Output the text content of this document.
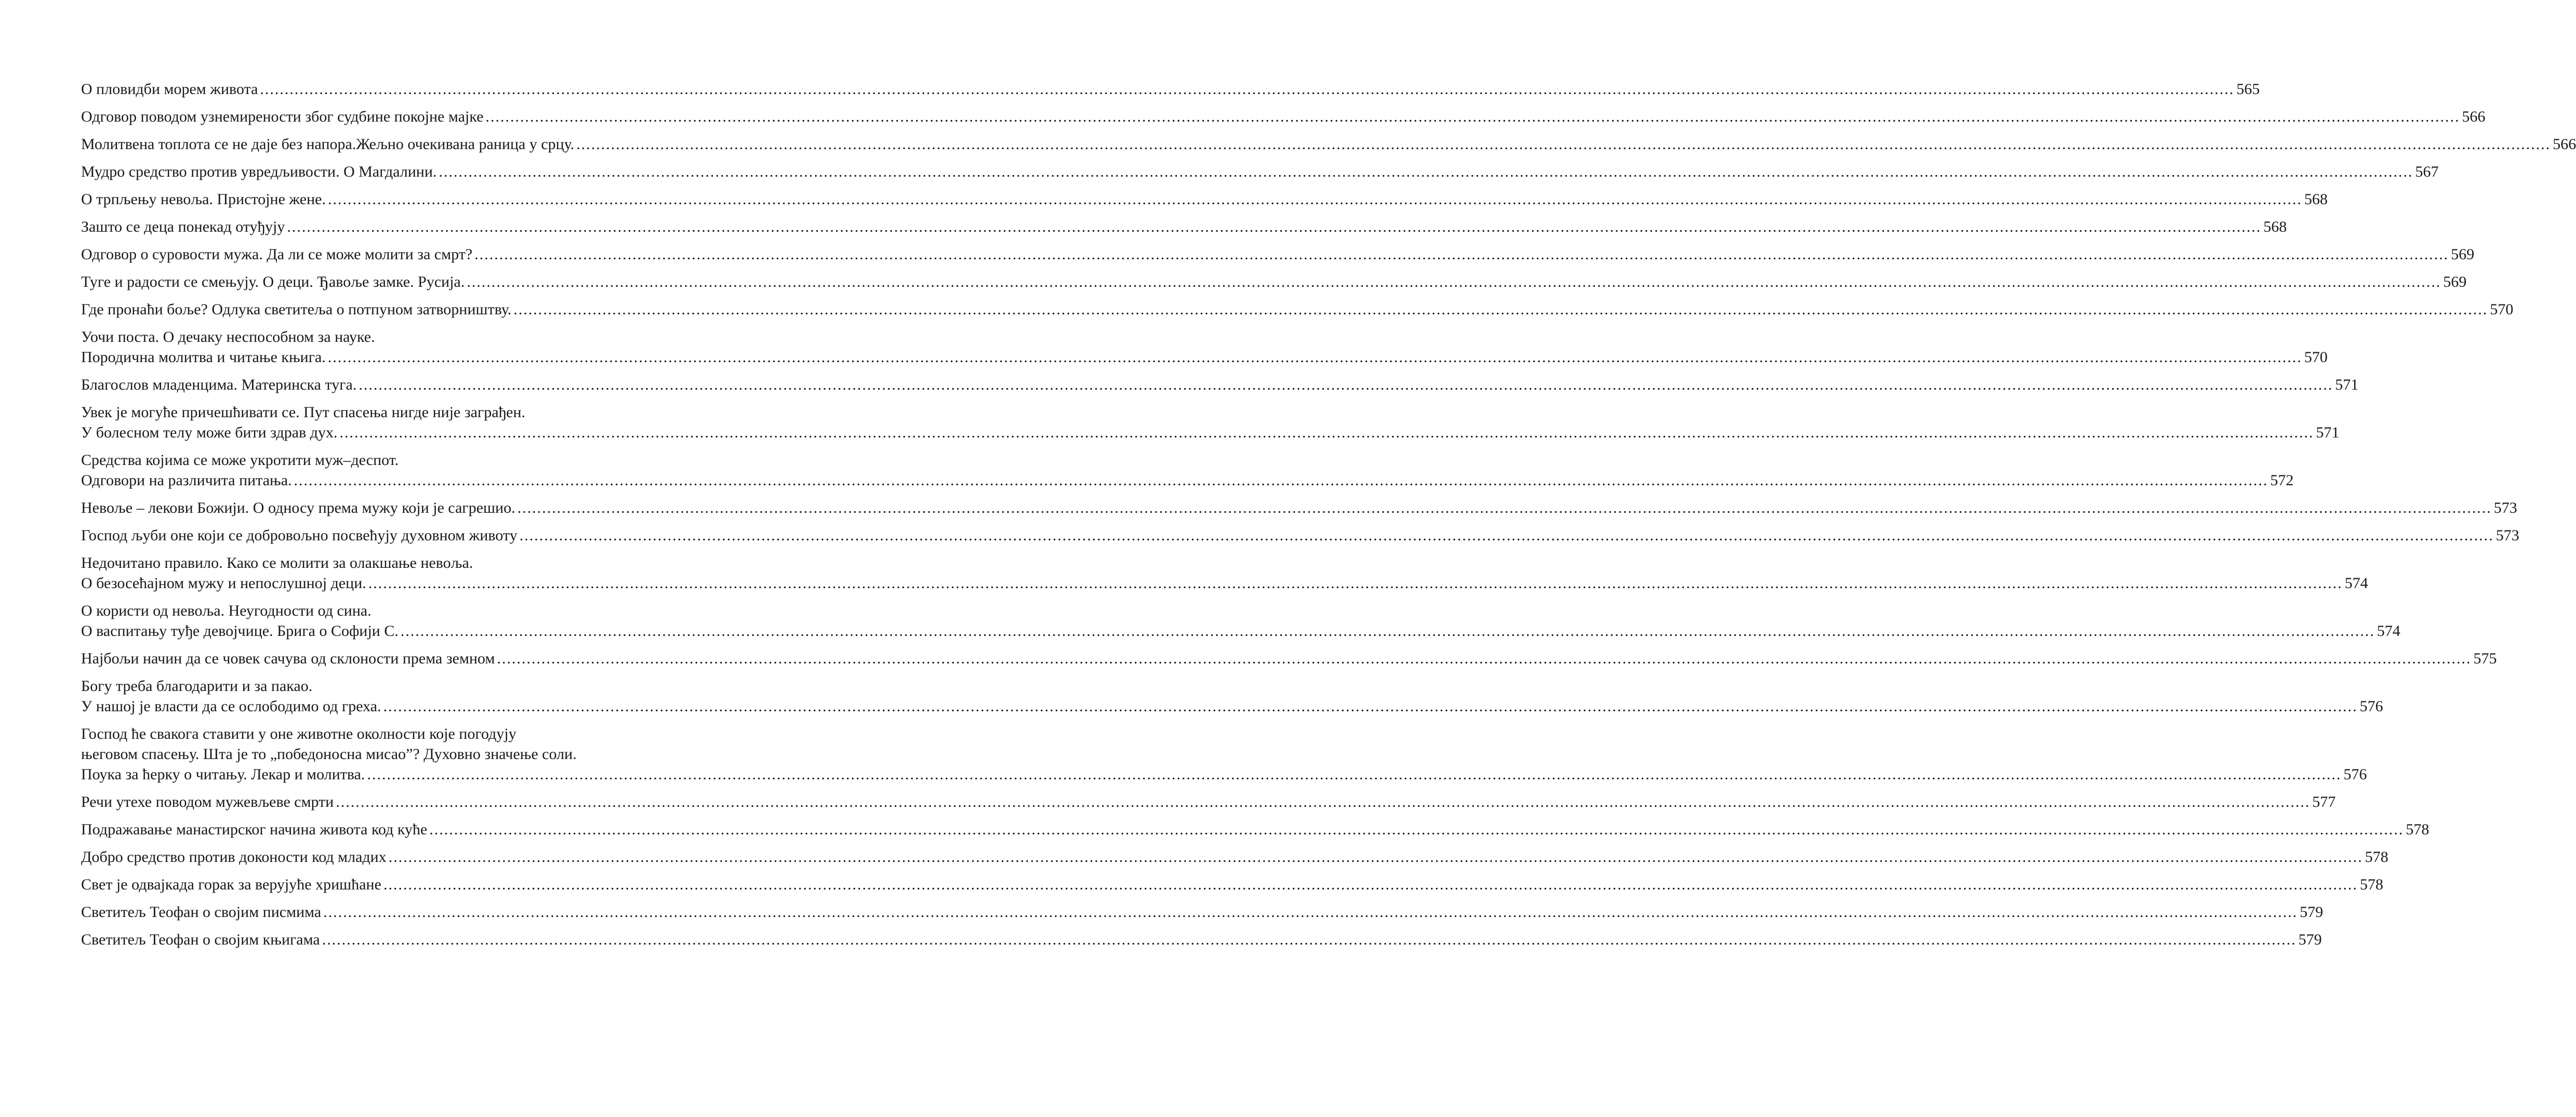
О пловидби морем живота ................................................................................................................................................................................................................................................................................................................................................................................................................ 565
Одговор поводом узнемирености због судбине покојне мајке ................................................................................................................................................................................................................................................................................................................................................................................................................ 566
Молитвена топлота се не даје без напора.Жељно очекивана раница у срцу. ................................................................................................................................................................................................................................................................................................................................................................................................................ 566
Мудро средство против увредљивости. О Магдалини. ................................................................................................................................................................................................................................................................................................................................................................................................................ 567
О трпљењу невоља. Пристојне жене. ................................................................................................................................................................................................................................................................................................................................................................................................................ 568
Зашто се деца понекад отуђују ................................................................................................................................................................................................................................................................................................................................................................................................................ 568
Одговор о суровости мужа. Да ли се може молити за смрт? ................................................................................................................................................................................................................................................................................................................................................................................................................ 569
Туге и радости се смењују. О деци. Ђавоље замке. Русија. ................................................................................................................................................................................................................................................................................................................................................................................................................ 569
Где пронаћи боље? Одлука светитеља о потпуном затворништву. ................................................................................................................................................................................................................................................................................................................................................................................................................ 570
Уочи поста. О дечаку неспособном за науке.
Породична молитва и читање књига. ................................................................................................................................................................................................................................................................................................................................................................................................................ 570
Благослов младенцима. Материнска туга. ................................................................................................................................................................................................................................................................................................................................................................................................................ 571
Увек је могуће причешћивати се. Пут спасења нигде није заграђен.
У болесном телу може бити здрав дух. ................................................................................................................................................................................................................................................................................................................................................................................................................ 571
Средства којима се може укротити муж–деспот.
Одговори на различита питања. ................................................................................................................................................................................................................................................................................................................................................................................................................ 572
Невоље – лекови Божији. О односу према мужу који је сагрешио. ................................................................................................................................................................................................................................................................................................................................................................................................................ 573
Господ љуби оне који се добровољно посвећују духовном животу ................................................................................................................................................................................................................................................................................................................................................................................................................ 573
Недочитано правило. Како се молити за олакшање невоља.
О безосећајном мужу и непослушној деци. ................................................................................................................................................................................................................................................................................................................................................................................................................ 574
О користи од невоља. Неугодности од сина.
О васпитању туђе девојчице. Брига о Софији С. ................................................................................................................................................................................................................................................................................................................................................................................................................ 574
Најбољи начин да се човек сачува од склоности према земном ................................................................................................................................................................................................................................................................................................................................................................................................................ 575
Богу треба благодарити и за пакао.
У нашој је власти да се ослободимо од греха. ................................................................................................................................................................................................................................................................................................................................................................................................................ 576
Господ ће свакога ставити у оне животне околности које погодују
његовом спасењу. Шта је то „победоносна мисао”? Духовно значење соли.
Поука за ћерку о читању. Лекар и молитва. ................................................................................................................................................................................................................................................................................................................................................................................................................ 576
Речи утехе поводом мужевљеве смрти ................................................................................................................................................................................................................................................................................................................................................................................................................ 577
Подражавање манастирског начина живота код куће ................................................................................................................................................................................................................................................................................................................................................................................................................ 578
Добро средство против доконости код младих ................................................................................................................................................................................................................................................................................................................................................................................................................ 578
Свет је одвајкада горак за верујуће хришћане ................................................................................................................................................................................................................................................................................................................................................................................................................ 578
Светитељ Теофан о својим писмима ................................................................................................................................................................................................................................................................................................................................................................................................................ 579
Светитељ Теофан о својим књигама ................................................................................................................................................................................................................................................................................................................................................................................................................ 579
